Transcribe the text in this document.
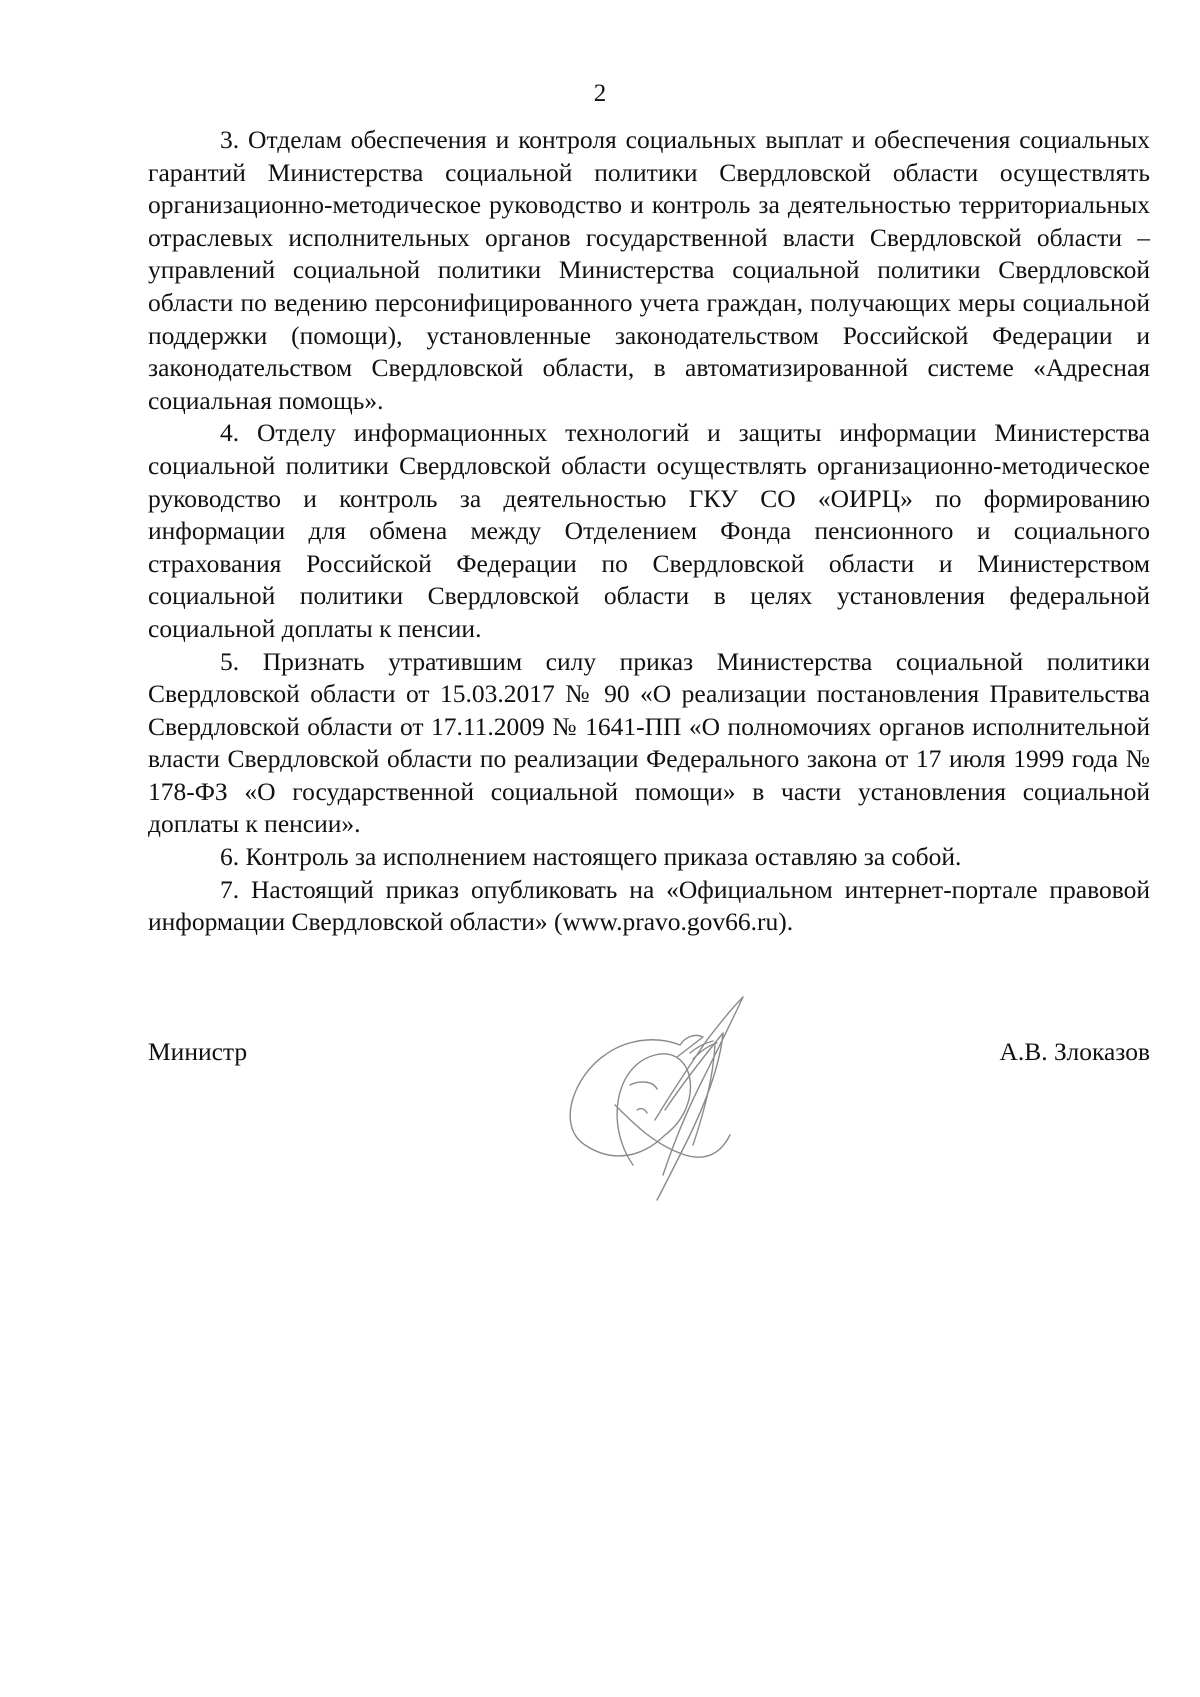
2

3. Отделам обеспечения и контроля социальных выплат и обеспечения социальных гарантий Министерства социальной политики Свердловской области осуществлять организационно-методическое руководство и контроль за деятельностью территориальных отраслевых исполнительных органов государственной власти Свердловской области – управлений социальной политики Министерства социальной политики Свердловской области по ведению персонифицированного учета граждан, получающих меры социальной поддержки (помощи), установленные законодательством Российской Федерации и законодательством Свердловской области, в автоматизированной системе «Адресная социальная помощь».

4. Отделу информационных технологий и защиты информации Министерства социальной политики Свердловской области осуществлять организационно-методическое руководство и контроль за деятельностью ГКУ СО «ОИРЦ» по формированию информации для обмена между Отделением Фонда пенсионного и социального страхования Российской Федерации по Свердловской области и Министерством социальной политики Свердловской области в целях установления федеральной социальной доплаты к пенсии.

5. Признать утратившим силу приказ Министерства социальной политики Свердловской области от 15.03.2017 № 90 «О реализации постановления Правительства Свердловской области от 17.11.2009 № 1641-ПП «О полномочиях органов исполнительной власти Свердловской области по реализации Федерального закона от 17 июля 1999 года № 178-ФЗ «О государственной социальной помощи» в части установления социальной доплаты к пенсии».

6. Контроль за исполнением настоящего приказа оставляю за собой.

7. Настоящий приказ опубликовать на «Официальном интернет-портале правовой информации Свердловской области» (www.pravo.gov66.ru).

Министр	А.В. Злоказов
